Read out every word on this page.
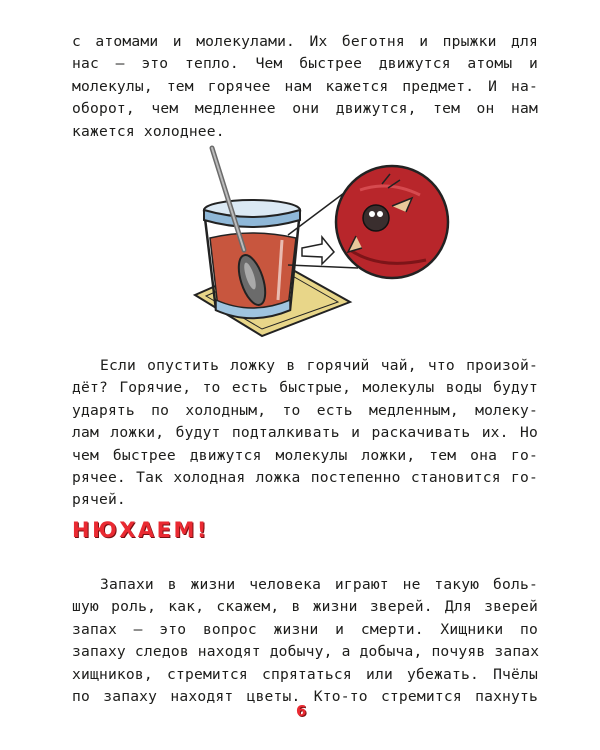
с атомами и молекулами. Их беготня и прыжки для
нас – это тепло. Чем быстрее движутся атомы и
молекулы, тем горячее нам кажется предмет. И на-
оборот, чем медленнее они движутся, тем он нам
кажется холоднее.
Если опустить ложку в горячий чай, что произой-
дёт? Горячие, то есть быстрые, молекулы воды будут
ударять по холодным, то есть медленным, молеку-
лам ложки, будут подталкивать и раскачивать их. Но
чем быстрее движутся молекулы ложки, тем она го-
рячее. Так холодная ложка постепенно становится го-
рячей.
НЮХАЕМ!
Запахи в жизни человека играют не такую боль-
шую роль, как, скажем, в жизни зверей. Для зверей
запах – это вопрос жизни и смерти. Хищники по
запаху следов находят добычу, а добыча, почуяв запах
хищников, стремится спрятаться или убежать. Пчёлы
по запаху находят цветы. Кто-то стремится пахнуть
6
